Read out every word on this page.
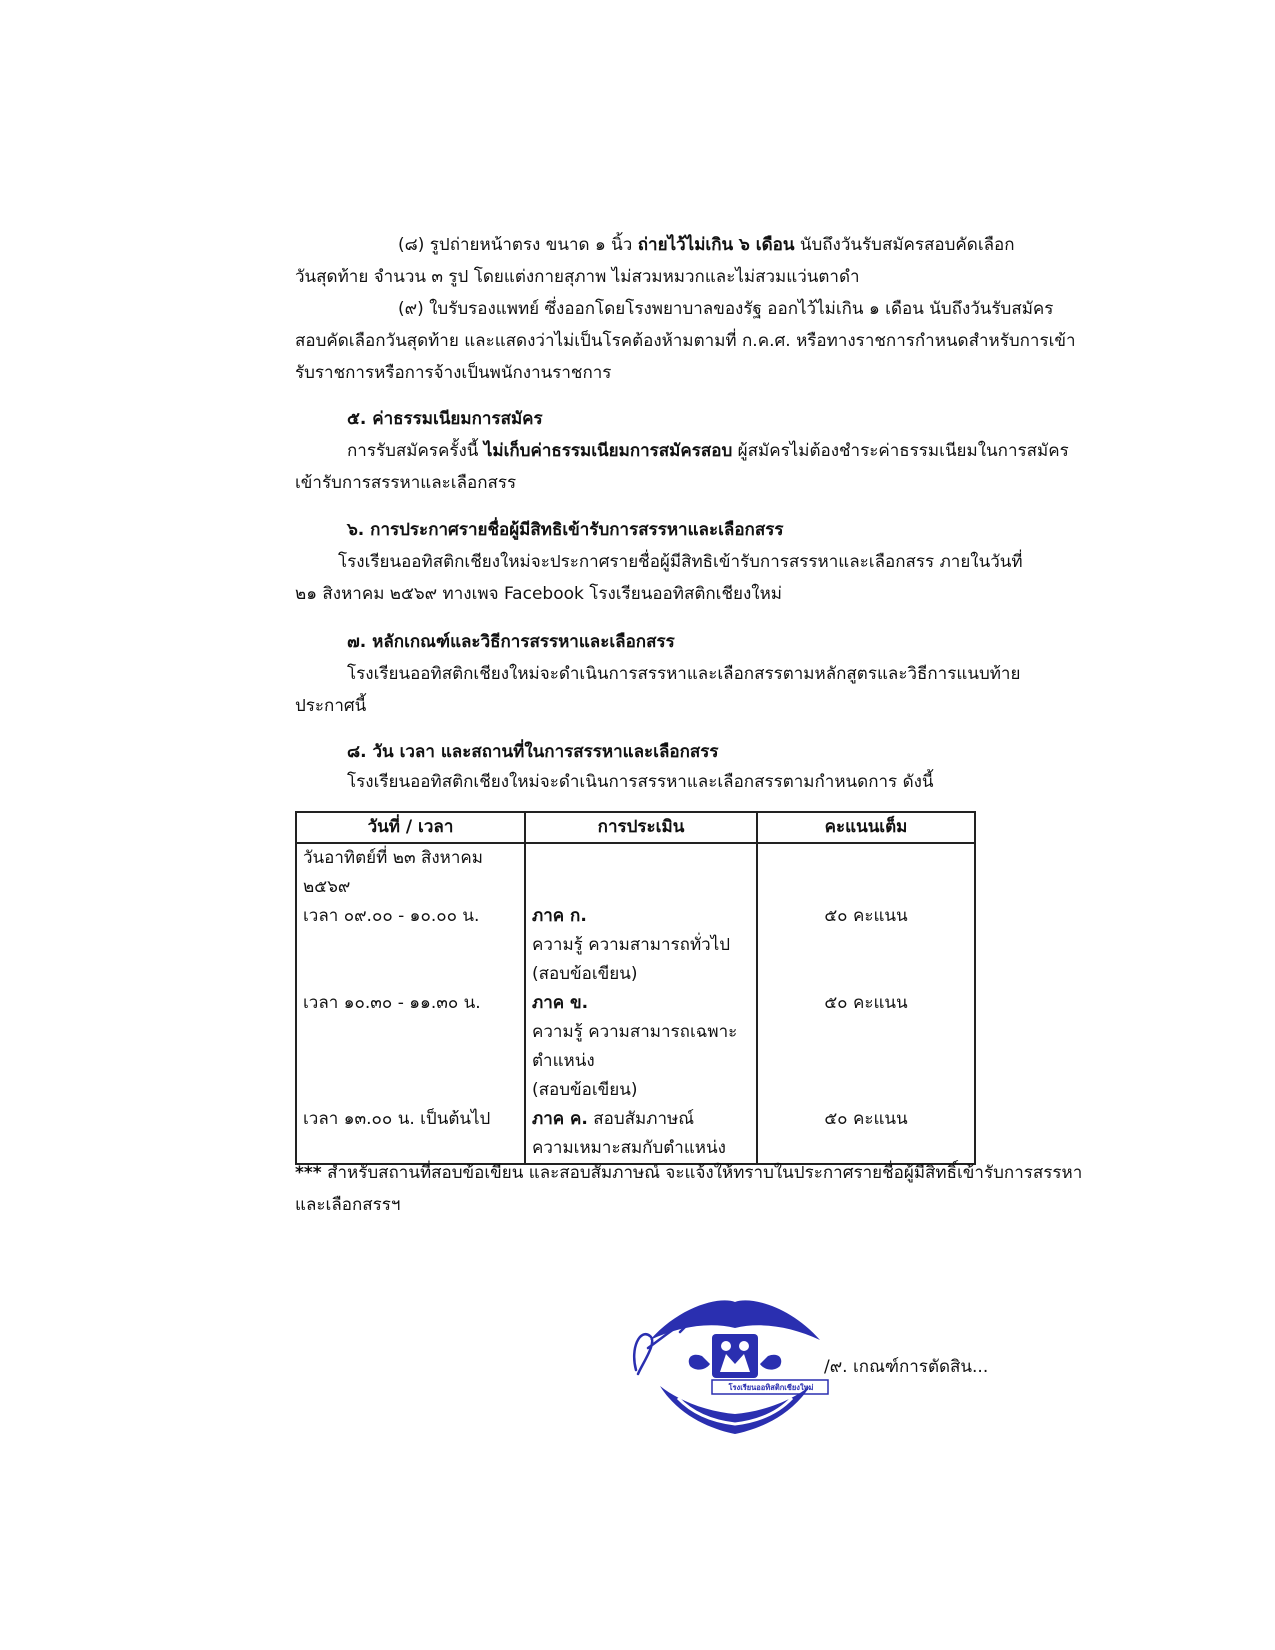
(๘) รูปถ่ายหน้าตรง ขนาด ๑ นิ้ว ถ่ายไว้ไม่เกิน ๖ เดือน นับถึงวันรับสมัครสอบคัดเลือก
วันสุดท้าย จำนวน ๓ รูป โดยแต่งกายสุภาพ ไม่สวมหมวกและไม่สวมแว่นตาดำ
(๙) ใบรับรองแพทย์ ซึ่งออกโดยโรงพยาบาลของรัฐ ออกไว้ไม่เกิน ๑ เดือน นับถึงวันรับสมัคร
สอบคัดเลือกวันสุดท้าย และแสดงว่าไม่เป็นโรคต้องห้ามตามที่ ก.ค.ศ. หรือทางราชการกำหนดสำหรับการเข้า
รับราชการหรือการจ้างเป็นพนักงานราชการ
๕. ค่าธรรมเนียมการสมัคร
การรับสมัครครั้งนี้ ไม่เก็บค่าธรรมเนียมการสมัครสอบ ผู้สมัครไม่ต้องชำระค่าธรรมเนียมในการสมัคร
เข้ารับการสรรหาและเลือกสรร
๖. การประกาศรายชื่อผู้มีสิทธิเข้ารับการสรรหาและเลือกสรร
โรงเรียนออทิสติกเชียงใหม่จะประกาศรายชื่อผู้มีสิทธิเข้ารับการสรรหาและเลือกสรร ภายในวันที่
๒๑ สิงหาคม ๒๕๖๙ ทางเพจ Facebook โรงเรียนออทิสติกเชียงใหม่
๗. หลักเกณฑ์และวิธีการสรรหาและเลือกสรร
โรงเรียนออทิสติกเชียงใหม่จะดำเนินการสรรหาและเลือกสรรตามหลักสูตรและวิธีการแนบท้าย
ประกาศนี้
๘. วัน เวลา และสถานที่ในการสรรหาและเลือกสรร
โรงเรียนออทิสติกเชียงใหม่จะดำเนินการสรรหาและเลือกสรรตามกำหนดการ ดังนี้
วันที่ / เวลา	การประเมิน	คะแนนเต็ม
วันอาทิตย์ที่ ๒๓ สิงหาคม ๒๕๖๙		
เวลา ๐๙.๐๐ - ๑๐.๐๐ น.	ภาค ก.
ความรู้ ความสามารถทั่วไป
(สอบข้อเขียน)	๕๐ คะแนน
เวลา ๑๐.๓๐ - ๑๑.๓๐ น.	ภาค ข.
ความรู้ ความสามารถเฉพาะ
ตำแหน่ง
(สอบข้อเขียน)	๕๐ คะแนน
เวลา ๑๓.๐๐ น. เป็นต้นไป	ภาค ค. สอบสัมภาษณ์
ความเหมาะสมกับตำแหน่ง	๕๐ คะแนน
*** สำหรับสถานที่สอบข้อเขียน และสอบสัมภาษณ์ จะแจ้งให้ทราบในประกาศรายชื่อผู้มีสิทธิ์เข้ารับการสรรหา
และเลือกสรรฯ
โรงเรียนออทิสติกเชียงใหม่
/๙. เกณฑ์การตัดสิน...
